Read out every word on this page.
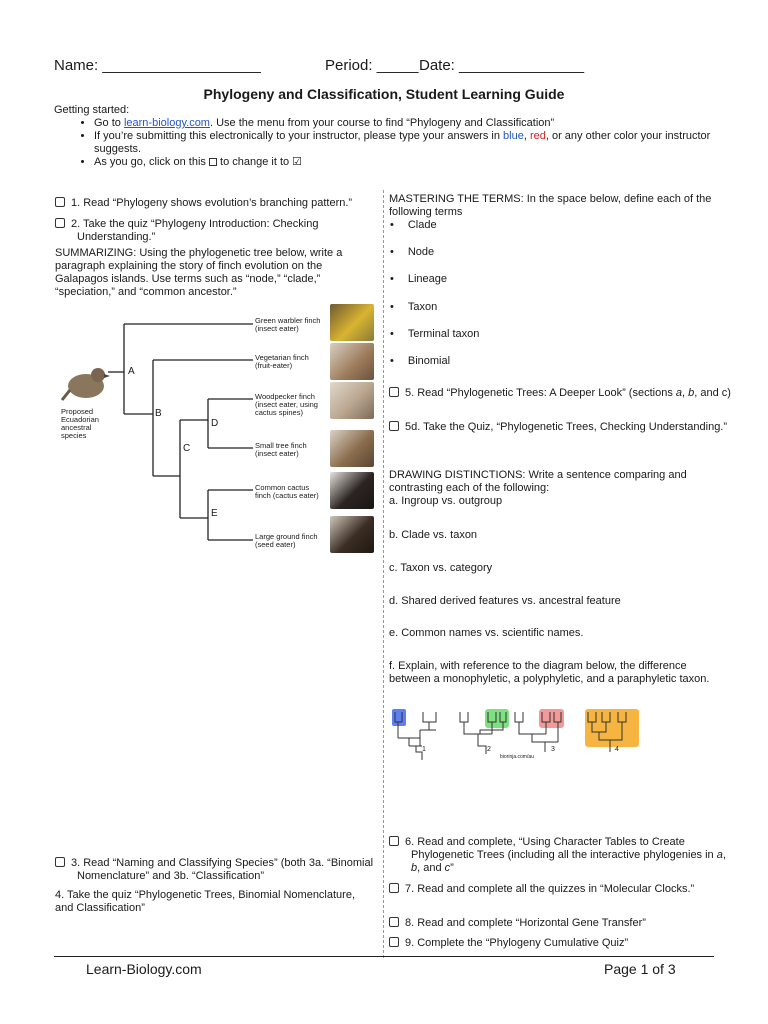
Name: ___________________	Period: _____ Date: _______________
Phylogeny and Classification, Student Learning Guide
Getting started:
• Go to learn-biology.com. Use the menu from your course to find “Phylogeny and Classification”
• If you’re submitting this electronically to your instructor, please type your answers in blue, red, or any other color your instructor suggests.
• As you go, click on this  to change it to ☑
1. Read “Phylogeny shows evolution’s branching pattern.”
2. Take the quiz “Phylogeny Introduction: Checking Understanding.”
SUMMARIZING: Using the phylogenetic tree below, write a paragraph explaining the story of finch evolution on the Galapagos islands. Use terms such as “node,” “clade,” “speciation,” and “common ancestor.”
Proposed Ecuadorian ancestral species
A
B
C
D
E
Green warbler finch
(insect eater)
Vegetarian finch
(fruit-eater)
Woodpecker finch
(insect eater, using cactus spines)
Small tree finch
(insect eater)
Common cactus
finch (cactus eater)
Large ground finch
(seed eater)
3. Read “Naming and Classifying Species” (both 3a. “Binomial Nomenclature” and 3b. “Classification”
4. Take the quiz “Phylogenetic Trees, Binomial Nomenclature, and Classification”
MASTERING THE TERMS: In the space below, define each of the following terms
• Clade
• Node
• Lineage
• Taxon
• Terminal taxon
• Binomial
5. Read “Phylogenetic Trees: A Deeper Look” (sections a, b, and c)
5d. Take the Quiz, “Phylogenetic Trees, Checking Understanding.”
DRAWING DISTINCTIONS: Write a sentence comparing and contrasting each of the following:
a. Ingroup vs. outgroup
b. Clade vs. taxon
c. Taxon vs. category
d. Shared derived features vs. ancestral feature
e. Common names vs. scientific names.
f. Explain, with reference to the diagram below, the difference between a monophyletic, a polyphyletic, and a paraphyletic taxon.
1	2	3	4
biorinja.com/au
6. Read and complete, “Using Character Tables to Create Phylogenetic Trees (including all the interactive phylogenies in a, b, and c”
7. Read and complete all the quizzes in “Molecular Clocks.”
8. Read and complete “Horizontal Gene Transfer”
9. Complete the “Phylogeny Cumulative Quiz”
Learn-Biology.com	Page 1 of 3
